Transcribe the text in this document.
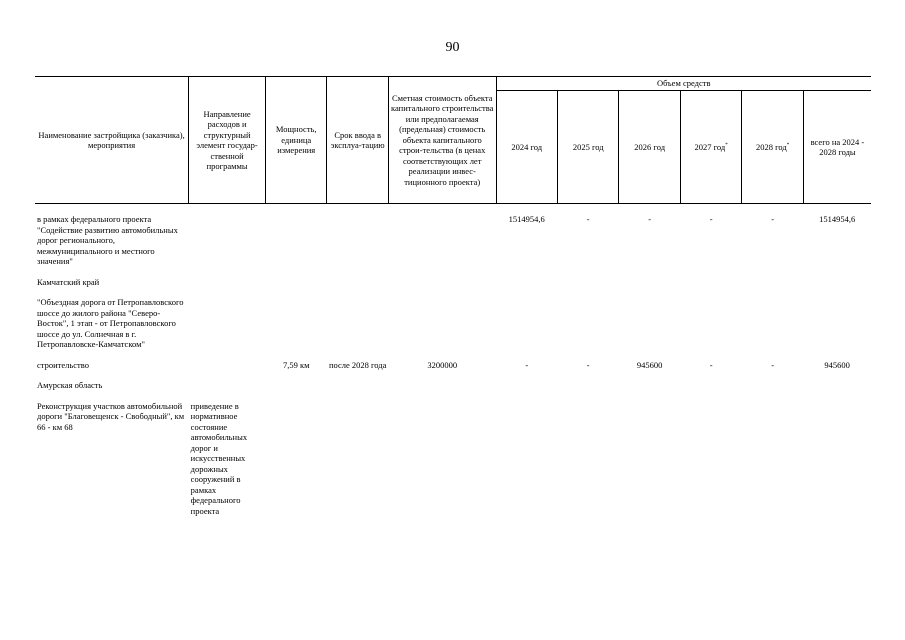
90
Наименование застройщика (заказчика), мероприятия	Направление расходов и структурный элемент государ-ственной программы	Мощность, единица измерения	Срок ввода в эксплуа-тацию	Сметная стоимость объекта капитального строительства или предполагаемая (предельная) стоимость объекта капитального строи-тельства (в ценах соответствующих лет реализации инвес-тиционного проекта)	Объем средств					
					2024 год	2025 год	2026 год	2027 год*	2028 год*	всего на 2024 - 2028 годы

в рамках федерального проекта "Содействие развитию автомобильных дорог регионального, межмуниципального и местного значения"					1514954,6	-	-	-	-	1514954,6

Камчатский край										

"Объездная дорога от Петропавловского шоссе до жилого района "Северо-Восток", 1 этап - от Петропавловского шоссе до ул. Солнечная в г. Петропавловске-Камчатском"										

строительство		7,59 км	после 2028 года	3200000	-	-	945600	-	-	945600

Амурская область										

Реконструкция участков автомобильной дороги "Благовещенск - Свободный", км 66 - км 68	приведение в нормативное состояние автомобильных дорог и искусственных дорожных сооружений в рамках федерального проекта									
